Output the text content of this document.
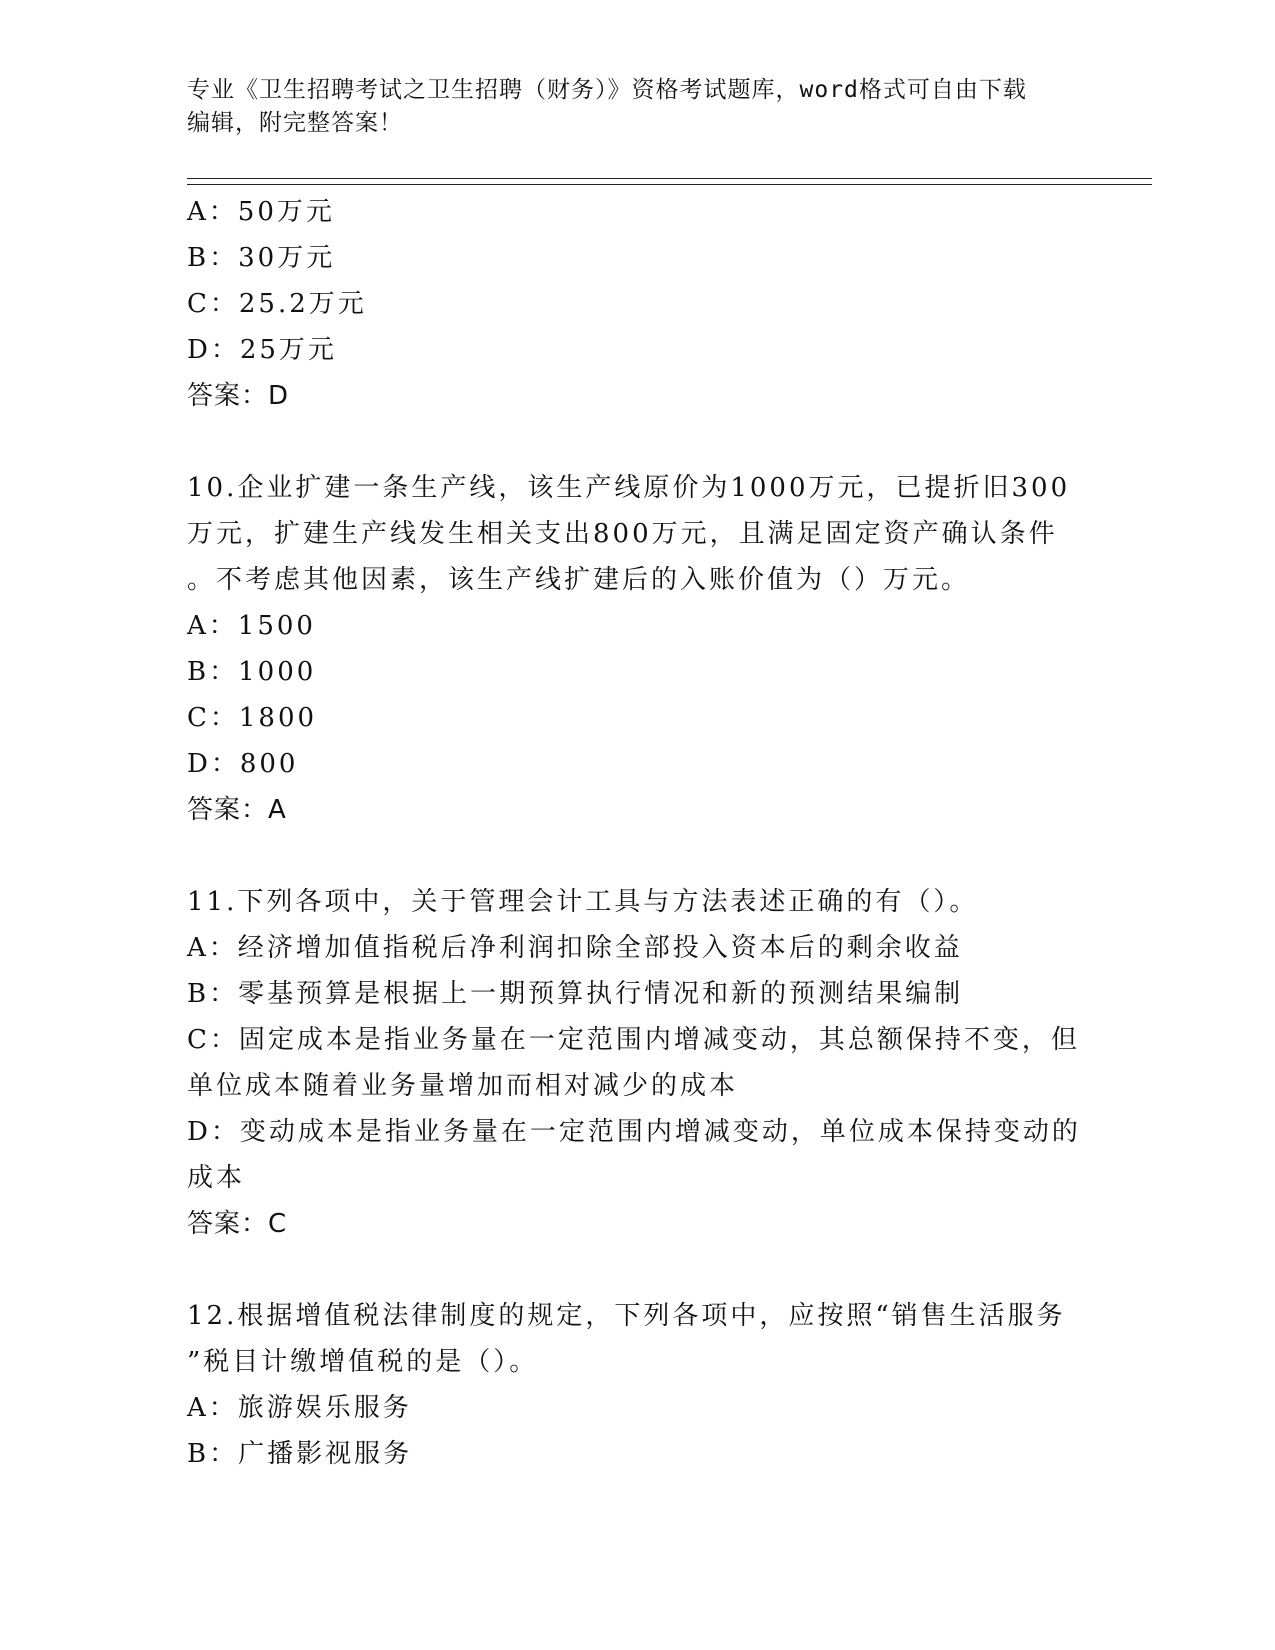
专业《卫生招聘考试之卫生招聘（财务）》资格考试题库，word格式可自由下载
编辑，附完整答案！
A：50万元
B：30万元
C：25.2万元
D：25万元
答案：D
10.企业扩建一条生产线，该生产线原价为1000万元，已提折旧300
万元，扩建生产线发生相关支出800万元，且满足固定资产确认条件
。不考虑其他因素，该生产线扩建后的入账价值为（）万元。
A：1500
B：1000
C：1800
D：800
答案：A
11.下列各项中，关于管理会计工具与方法表述正确的有（）。
A：经济增加值指税后净利润扣除全部投入资本后的剩余收益
B：零基预算是根据上一期预算执行情况和新的预测结果编制
C：固定成本是指业务量在一定范围内增减变动，其总额保持不变，但
单位成本随着业务量增加而相对减少的成本
D：变动成本是指业务量在一定范围内增减变动，单位成本保持变动的
成本
答案：C
12.根据增值税法律制度的规定，下列各项中，应按照“销售生活服务
”税目计缴增值税的是（）。
A：旅游娱乐服务
B：广播影视服务
